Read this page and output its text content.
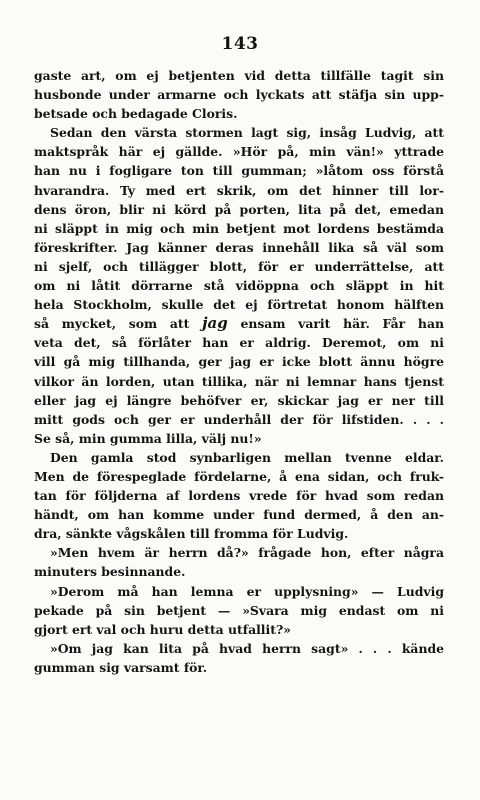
143
gaste art, om ej betjenten vid detta tillfälle tagit sin
husbonde under armarne och lyckats att stäfja sin upp-
betsade och bedagade Cloris.
Sedan den värsta stormen lagt sig, insåg Ludvig, att
maktspråk här ej gällde. »Hör på, min vän!» yttrade
han nu i fogligare ton till gumman; »låtom oss förstå
hvarandra. Ty med ert skrik, om det hinner till lor-
dens öron, blir ni körd på porten, lita på det, emedan
ni släppt in mig och min betjent mot lordens bestämda
föreskrifter. Jag känner deras innehåll lika så väl som
ni sjelf, och tillägger blott, för er underrättelse, att
om ni låtit dörrarne stå vidöppna och släppt in hit
hela Stockholm, skulle det ej förtretat honom hälften
så mycket, som att jag ensam varit här. Får han
veta det, så förlåter han er aldrig. Deremot, om ni
vill gå mig tillhanda, ger jag er icke blott ännu högre
vilkor än lorden, utan tillika, när ni lemnar hans tjenst
eller jag ej längre behöfver er, skickar jag er ner till
mitt gods och ger er underhåll der för lifstiden. . . .
Se så, min gumma lilla, välj nu!»
Den gamla stod synbarligen mellan tvenne eldar.
Men de förespeglade fördelarne, å ena sidan, och fruk-
tan för följderna af lordens vrede för hvad som redan
händt, om han komme under fund dermed, å den an-
dra, sänkte vågskålen till fromma för Ludvig.
»Men hvem är herrn då?» frågade hon, efter några
minuters besinnande.
»Derom må han lemna er upplysning» — Ludvig
pekade på sin betjent — »Svara mig endast om ni
gjort ert val och huru detta utfallit?»
»Om jag kan lita på hvad herrn sagt» . . . kände
gumman sig varsamt för.
